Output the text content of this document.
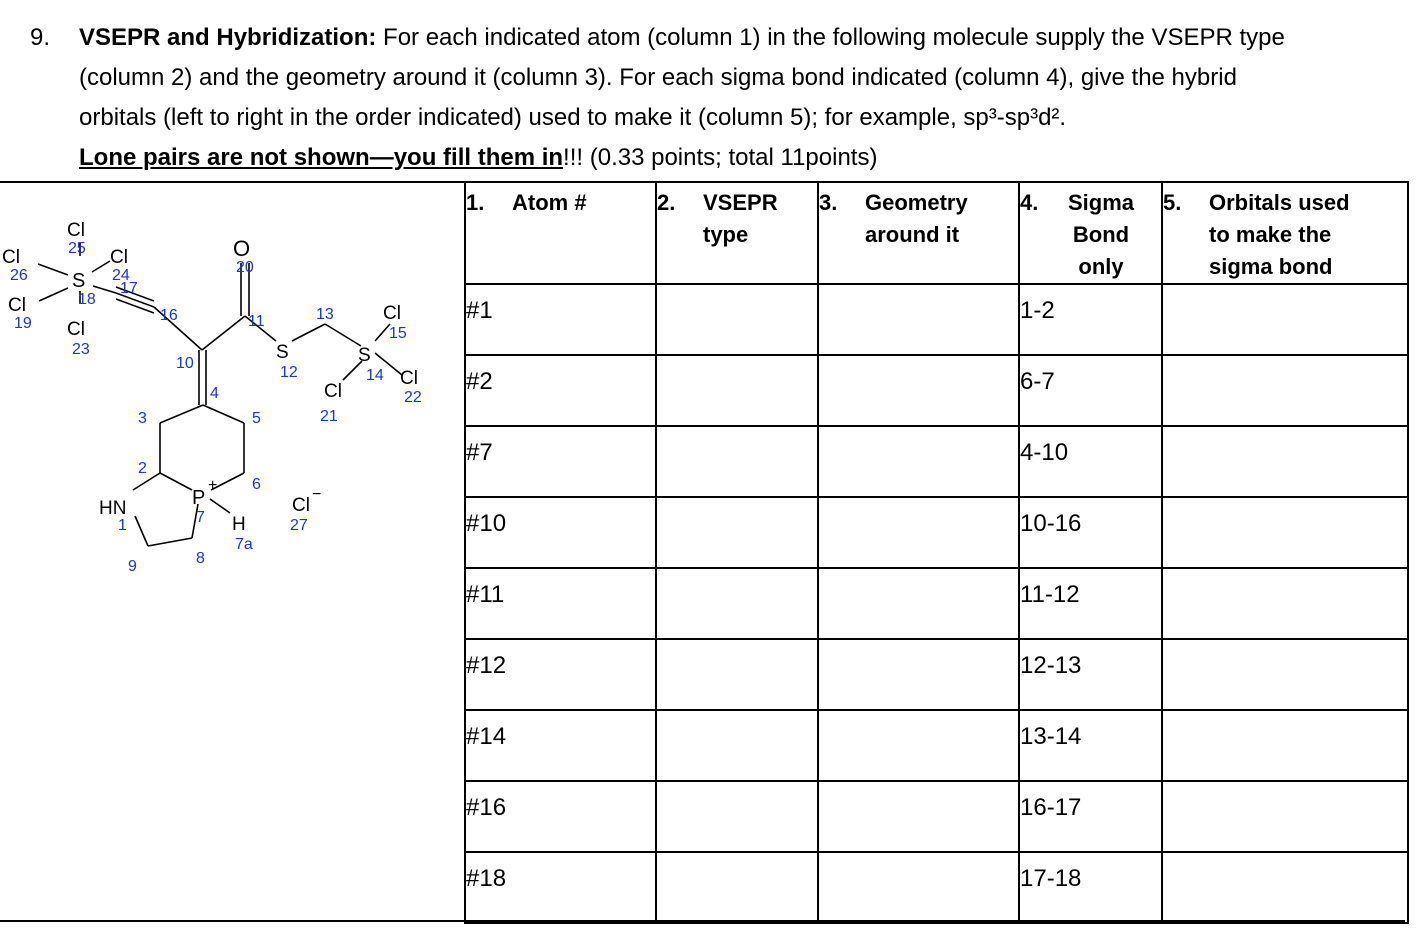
9. VSEPR and Hybridization: For each indicated atom (column 1) in the following molecule supply the VSEPR type
(column 2) and the geometry around it (column 3). For each sigma bond indicated (column 4), give the hybrid
orbitals (left to right in the order indicated) used to make it (column 5); for example, sp³-sp³d².
Lone pairs are not shown—you fill them in!!! (0.33 points; total 11points)
Cl
Cl	Cl
S
Cl
Cl
O
S
Cl
S
Cl
Cl
P
H
HN	Cl
+
−
25
26	24
17
18
19
23
16
20
11	13
15
12	14
22
21
10
4
3	5
2
6
1	7
7a
8
9
27
1. Atom #	2. VSEPR type	3. Geometry around it	4. Sigma Bond only	5. Orbitals used to make the sigma bond

#1			1-2	
#2			6-7	
#7			4-10	
#10			10-16	
#11			11-12	
#12			12-13	
#14			13-14	
#16			16-17	
#18			17-18	
